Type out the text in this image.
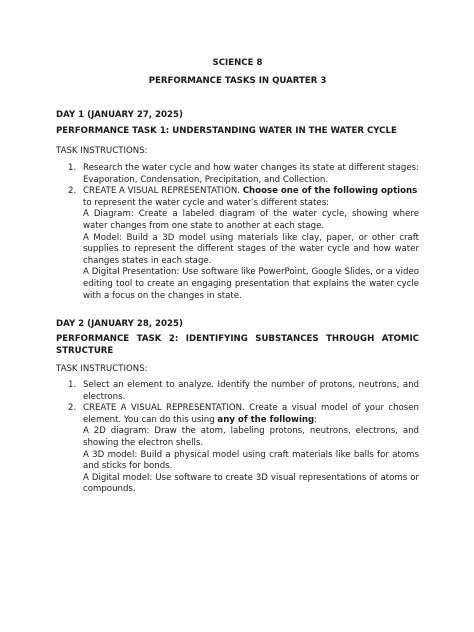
SCIENCE 8
PERFORMANCE TASKS IN QUARTER 3
DAY 1 (JANUARY 27, 2025)
PERFORMANCE TASK 1: UNDERSTANDING WATER IN THE WATER CYCLE
TASK INSTRUCTIONS:
1. Research the water cycle and how water changes its state at different stages: Evaporation, Condensation, Precipitation, and Collection.

2. CREATE A VISUAL REPRESENTATION. Choose one of the following options to represent the water cycle and water’s different states:

A Diagram: Create a labeled diagram of the water cycle, showing where water changes from one state to another at each stage.

A Model: Build a 3D model using materials like clay, paper, or other craft supplies to represent the different stages of the water cycle and how water changes states in each stage.

A Digital Presentation: Use software like PowerPoint, Google Slides, or a video editing tool to create an engaging presentation that explains the water cycle with a focus on the changes in state.

DAY 2 (JANUARY 28, 2025)
PERFORMANCE TASK 2: IDENTIFYING SUBSTANCES THROUGH ATOMIC
STRUCTURE
TASK INSTRUCTIONS:
1. Select an element to analyze. Identify the number of protons, neutrons, and electrons.

2. CREATE A VISUAL REPRESENTATION. Create a visual model of your chosen element. You can do this using any of the following:

A 2D diagram: Draw the atom, labeling protons, neutrons, electrons, and showing the electron shells.

A 3D model: Build a physical model using craft materials like balls for atoms and sticks for bonds.

A Digital model: Use software to create 3D visual representations of atoms or compounds.
